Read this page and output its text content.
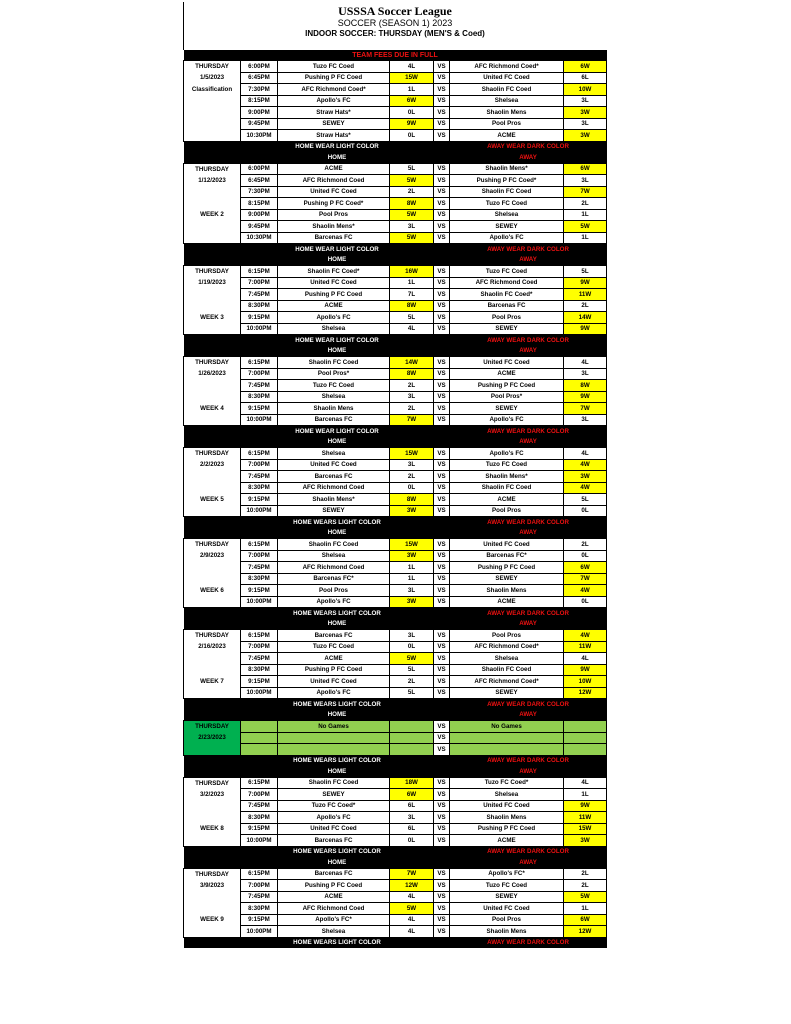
USSSA Soccer League
SOCCER (SEASON 1) 2023
INDOOR SOCCER: THURSDAY (MEN'S & Coed)
TEAM FEES DUE IN FULL						
THURSDAY	6:00PM	Tuzo FC Coed	4L	VS	AFC Richmond Coed*	6W
1/5/2023	6:45PM	Pushing P FC Coed	15W	VS	United FC Coed	6L
Classification	7:30PM	AFC Richmond Coed*	1L	VS	Shaolin FC Coed	10W
	8:15PM	Apollo's FC	6W	VS	Shelsea	3L
	9:00PM	Straw Hats*	0L	VS	Shaolin Mens	3W
	9:45PM	SEWEY	9W	VS	Pool Pros	3L
	10:30PM	Straw Hats*	0L	VS	ACME	3W
	HOME WEAR LIGHT COLOR				AWAY WEAR DARK COLOR	
	HOME				AWAY	
THURSDAY	6:00PM	ACME	5L	VS	Shaolin Mens*	6W
1/12/2023	6:45PM	AFC Richmond Coed	5W	VS	Pushing P FC Coed*	3L
	7:30PM	United FC Coed	2L	VS	Shaolin FC Coed	7W
	8:15PM	Pushing P FC Coed*	8W	VS	Tuzo FC Coed	2L
WEEK 2	9:00PM	Pool Pros	5W	VS	Shelsea	1L
	9:45PM	Shaolin Mens*	3L	VS	SEWEY	5W
	10:30PM	Barcenas FC	5W	VS	Apollo's FC	1L
	HOME WEAR LIGHT COLOR				AWAY WEAR DARK COLOR	
	HOME				AWAY	
THURSDAY	6:15PM	Shaolin FC Coed*	16W	VS	Tuzo FC Coed	5L
1/19/2023	7:00PM	United FC Coed	1L	VS	AFC Richmond Coed	9W
	7:45PM	Pushing P FC Coed	7L	VS	Shaolin FC Coed*	11W
	8:30PM	ACME	8W	VS	Barcenas FC	2L
WEEK 3	9:15PM	Apollo's FC	5L	VS	Pool Pros	14W
	10:00PM	Shelsea	4L	VS	SEWEY	9W
	HOME WEAR LIGHT COLOR				AWAY WEAR DARK COLOR	
	HOME				AWAY	
THURSDAY	6:15PM	Shaolin FC Coed	14W	VS	United FC Coed	4L
1/26/2023	7:00PM	Pool Pros*	8W	VS	ACME	3L
	7:45PM	Tuzo FC Coed	2L	VS	Pushing P FC Coed	8W
	8:30PM	Shelsea	3L	VS	Pool Pros*	9W
WEEK 4	9:15PM	Shaolin Mens	2L	VS	SEWEY	7W
	10:00PM	Barcenas FC	7W	VS	Apollo's FC	3L
	HOME WEAR LIGHT COLOR				AWAY WEAR DARK COLOR	
	HOME				AWAY	
THURSDAY	6:15PM	Shelsea	15W	VS	Apollo's FC	4L
2/2/2023	7:00PM	United FC Coed	3L	VS	Tuzo FC Coed	4W
	7:45PM	Barcenas FC	2L	VS	Shaolin Mens*	3W
	8:30PM	AFC Richmond Coed	0L	VS	Shaolin FC Coed	4W
WEEK 5	9:15PM	Shaolin Mens*	8W	VS	ACME	5L
	10:00PM	SEWEY	3W	VS	Pool Pros	0L
	HOME WEARS LIGHT COLOR				AWAY WEAR DARK COLOR	
	HOME				AWAY	
THURSDAY	6:15PM	Shaolin FC Coed	15W	VS	United FC Coed	2L
2/9/2023	7:00PM	Shelsea	3W	VS	Barcenas FC*	0L
	7:45PM	AFC Richmond Coed	1L	VS	Pushing P FC Coed	6W
	8:30PM	Barcenas FC*	1L	VS	SEWEY	7W
WEEK 6	9:15PM	Pool Pros	3L	VS	Shaolin Mens	4W
	10:00PM	Apollo's FC	3W	VS	ACME	0L
	HOME WEARS LIGHT COLOR				AWAY WEAR DARK COLOR	
	HOME				AWAY	
THURSDAY	6:15PM	Barcenas FC	3L	VS	Pool Pros	4W
2/16/2023	7:00PM	Tuzo FC Coed	0L	VS	AFC Richmond Coed*	11W
	7:45PM	ACME	5W	VS	Shelsea	4L
	8:30PM	Pushing P FC Coed	5L	VS	Shaolin FC Coed	9W
WEEK 7	9:15PM	United FC Coed	2L	VS	AFC Richmond Coed*	10W
	10:00PM	Apollo's FC	5L	VS	SEWEY	12W
	HOME WEARS LIGHT COLOR				AWAY WEAR DARK COLOR	
	HOME				AWAY	
THURSDAY		No Games		VS	No Games	
2/23/2023				VS		
				VS		
	HOME WEARS LIGHT COLOR				AWAY WEAR DARK COLOR	
	HOME				AWAY	
THURSDAY	6:15PM	Shaolin FC Coed	18W	VS	Tuzo FC Coed*	4L
3/2/2023	7:00PM	SEWEY	6W	VS	Shelsea	1L
	7:45PM	Tuzo FC Coed*	6L	VS	United FC Coed	9W
	8:30PM	Apollo's FC	3L	VS	Shaolin Mens	11W
WEEK 8	9:15PM	United FC Coed	6L	VS	Pushing P FC Coed	15W
	10:00PM	Barcenas FC	0L	VS	ACME	3W
	HOME WEARS LIGHT COLOR				AWAY WEAR DARK COLOR	
	HOME				AWAY	
THURSDAY	6:15PM	Barcenas FC	7W	VS	Apollo's FC*	2L
3/9/2023	7:00PM	Pushing P FC Coed	12W	VS	Tuzo FC Coed	2L
	7:45PM	ACME	4L	VS	SEWEY	5W
	8:30PM	AFC Richmond Coed	5W	VS	United FC Coed	1L
WEEK 9	9:15PM	Apollo's FC*	4L	VS	Pool Pros	6W
	10:00PM	Shelsea	4L	VS	Shaolin Mens	12W
	HOME WEARS LIGHT COLOR				AWAY WEAR DARK COLOR	
